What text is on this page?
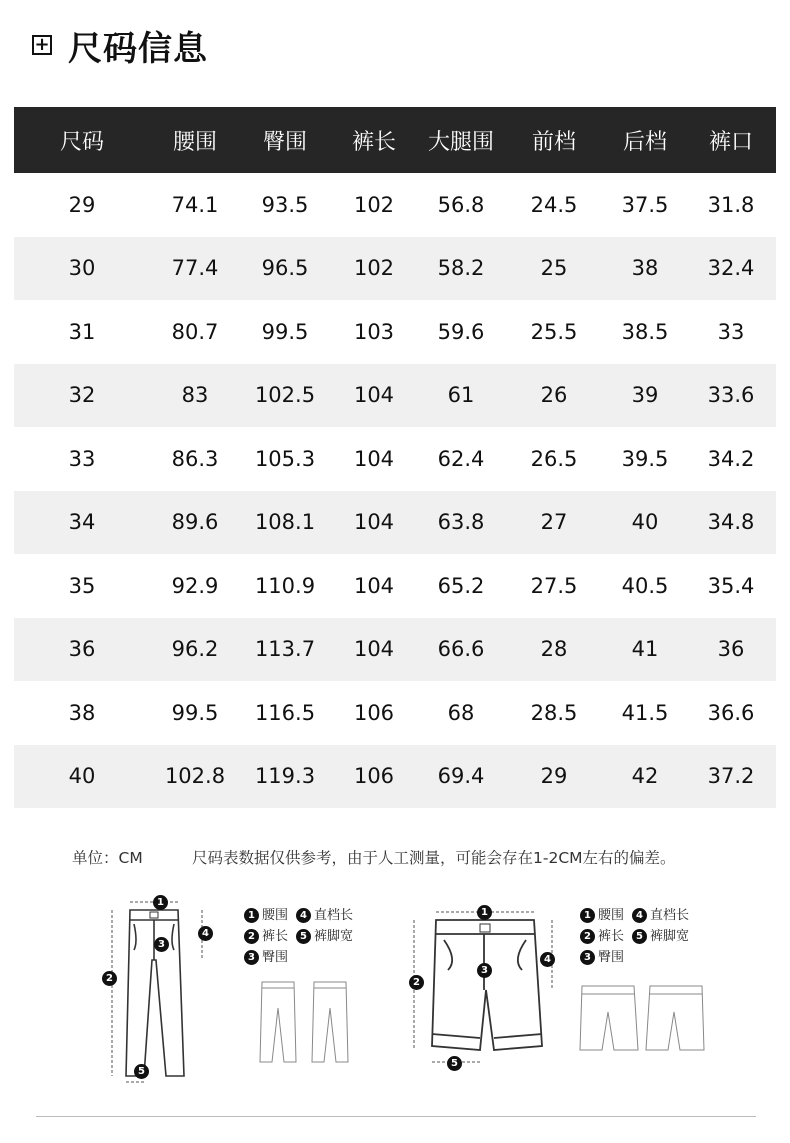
+ 尺码信息
尺码	腰围	臀围	裤长	大腿围	前档	后档	裤口
29	74.1	93.5	102	56.8	24.5	37.5	31.8
30	77.4	96.5	102	58.2	25	38	32.4
31	80.7	99.5	103	59.6	25.5	38.5	33
32	83	102.5	104	61	26	39	33.6
33	86.3	105.3	104	62.4	26.5	39.5	34.2
34	89.6	108.1	104	63.8	27	40	34.8
35	92.9	110.9	104	65.2	27.5	40.5	35.4
36	96.2	113.7	104	66.6	28	41	36
38	99.5	116.5	106	68	28.5	41.5	36.6
40	102.8	119.3	106	69.4	29	42	37.2
单位：CM	尺码表数据仅供参考，由于人工测量，可能会存在1-2CM左右的偏差。
1
2
3
4
5
1 腰围	4 直档长
2 裤长	5 裤脚宽
3 臀围
1
2
3
4
5
1 腰围	4 直档长
2 裤长	5 裤脚宽
3 臀围
